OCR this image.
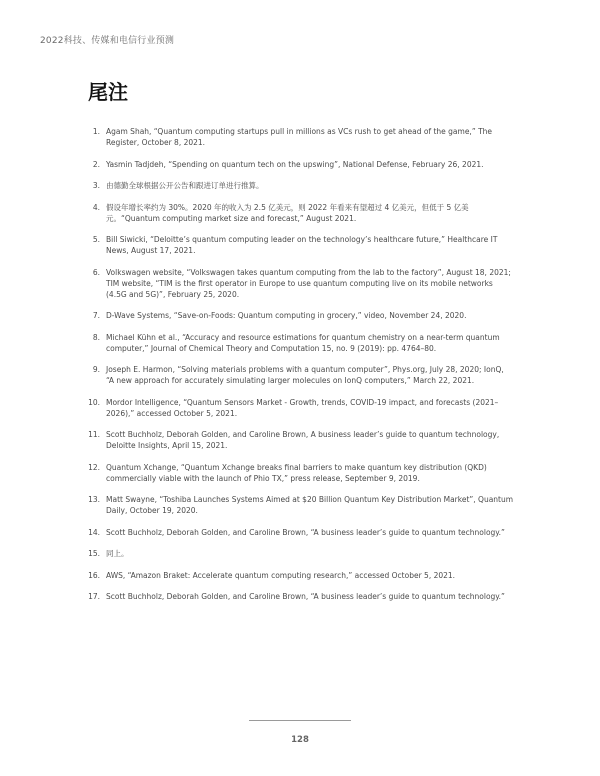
2022科技、传媒和电信行业预测
尾注
1. Agam Shah, “Quantum computing startups pull in millions as VCs rush to get ahead of the game,” The Register, October 8, 2021.
2. Yasmin Tadjdeh, “Spending on quantum tech on the upswing”, National Defense, February 26, 2021.
3. 由德勤全球根据公开公告和跟进订单进行推算。
4. 假设年增长率约为 30%。2020 年的收入为 2.5 亿美元，则 2022 年看来有望超过 4 亿美元，但低于 5 亿美元。“Quantum computing market size and forecast,” August 2021.
5. Bill Siwicki, “Deloitte’s quantum computing leader on the technology’s healthcare future,” Healthcare IT News, August 17, 2021.
6. Volkswagen website, “Volkswagen takes quantum computing from the lab to the factory”, August 18, 2021; TIM website, “TIM is the first operator in Europe to use quantum computing live on its mobile networks (4.5G and 5G)”, February 25, 2020.
7. D-Wave Systems, “Save-on-Foods: Quantum computing in grocery,” video, November 24, 2020.
8. Michael Kühn et al., “Accuracy and resource estimations for quantum chemistry on a near-term quantum computer,” Journal of Chemical Theory and Computation 15, no. 9 (2019): pp. 4764–80.
9. Joseph E. Harmon, “Solving materials problems with a quantum computer”, Phys.org, July 28, 2020; IonQ, “A new approach for accurately simulating larger molecules on IonQ computers,” March 22, 2021.
10. Mordor Intelligence, “Quantum Sensors Market - Growth, trends, COVID-19 impact, and forecasts (2021–2026),” accessed October 5, 2021.
11. Scott Buchholz, Deborah Golden, and Caroline Brown, A business leader’s guide to quantum technology, Deloitte Insights, April 15, 2021.
12. Quantum Xchange, “Quantum Xchange breaks final barriers to make quantum key distribution (QKD) commercially viable with the launch of Phio TX,” press release, September 9, 2019.
13. Matt Swayne, “Toshiba Launches Systems Aimed at $20 Billion Quantum Key Distribution Market”, Quantum Daily, October 19, 2020.
14. Scott Buchholz, Deborah Golden, and Caroline Brown, “A business leader’s guide to quantum technology.”
15. 同上。
16. AWS, “Amazon Braket: Accelerate quantum computing research,” accessed October 5, 2021.
17. Scott Buchholz, Deborah Golden, and Caroline Brown, “A business leader’s guide to quantum technology.”
128
